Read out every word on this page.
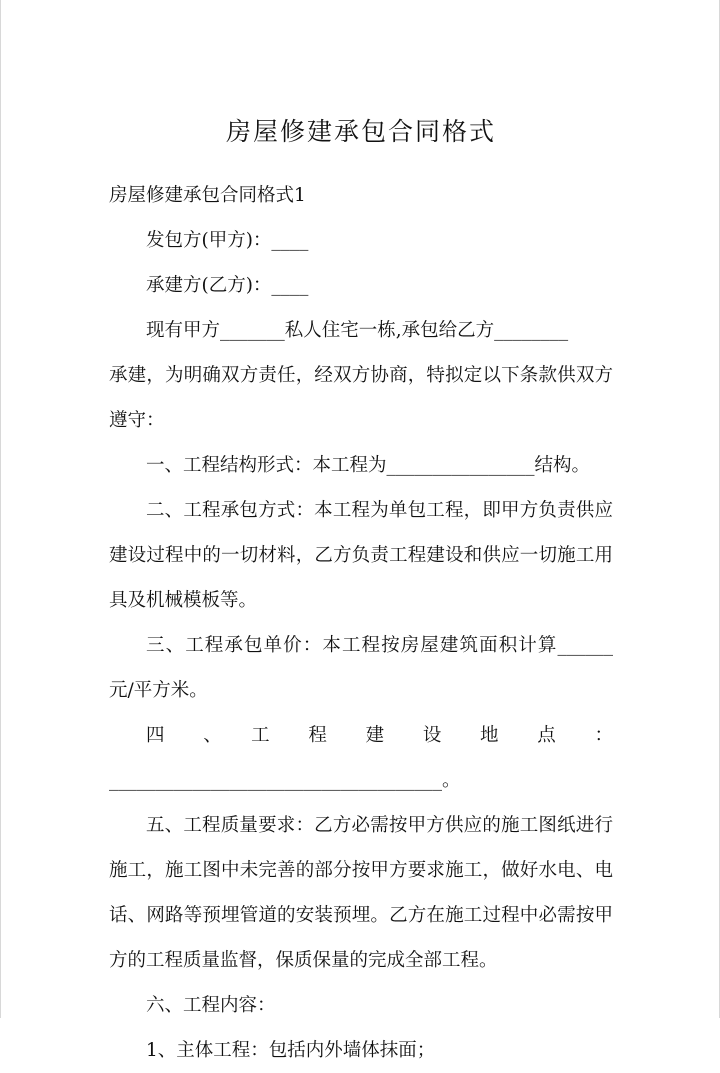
房屋修建承包合同格式

房屋修建承包合同格式1

发包方(甲方)：____

承建方(乙方)：____

现有甲方_______私人住宅一栋,承包给乙方________

承建，为明确双方责任，经双方协商，特拟定以下条款供双方遵守：

一、工程结构形式：本工程为________________结构。

二、工程承包方式：本工程为单包工程，即甲方负责供应建设过程中的一切材料，乙方负责工程建设和供应一切施工用具及机械模板等。

三、工程承包单价：本工程按房屋建筑面积计算______元/平方米。

四　、　工　程　建　设　地　点　：

____________________________________。

五、工程质量要求：乙方必需按甲方供应的施工图纸进行施工，施工图中未完善的部分按甲方要求施工，做好水电、电话、网路等预埋管道的安装预埋。乙方在施工过程中必需按甲方的工程质量监督，保质保量的完成全部工程。

六、工程内容：

1、主体工程：包括内外墙体抹面；
